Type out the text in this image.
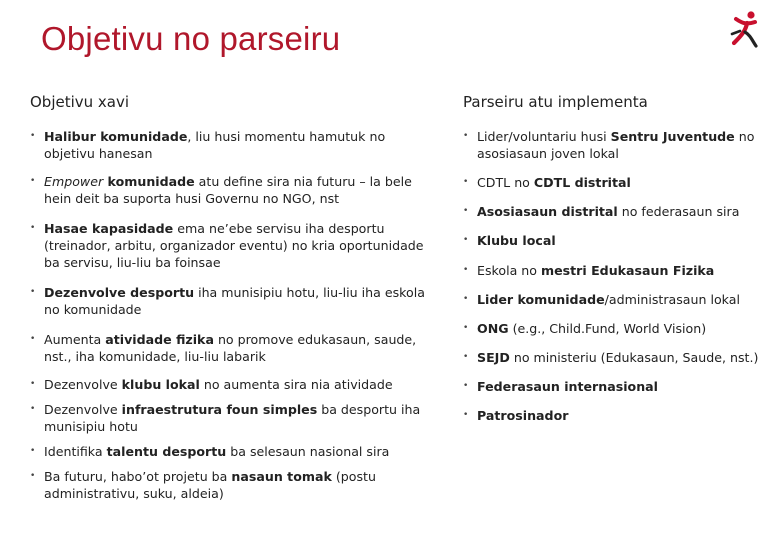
Objetivu no parseiru
Objetivu xavi	Parseiru atu implementa
• Halibur komunidade, liu husi momentu hamutuk no objetivu hanesan
• Empower komunidade atu define sira nia futuru – la bele hein deit ba suporta husi Governu no NGO, nst
• Hasae kapasidade ema ne’ebe servisu iha desportu (treinador, arbitu, organizador eventu) no kria oportunidade ba servisu, liu-liu ba foinsae
• Dezenvolve desportu iha munisipiu hotu, liu-liu iha eskola no komunidade
• Aumenta atividade fizika no promove edukasaun, saude, nst., iha komunidade, liu-liu labarik
• Dezenvolve klubu lokal no aumenta sira nia atividade
• Dezenvolve infraestrutura foun simples ba desportu iha munisipiu hotu
• Identifika talentu desportu ba selesaun nasional sira
• Ba futuru, habo’ot projetu ba nasaun tomak (postu administrativu, suku, aldeia)
• Lider/voluntariu husi Sentru Juventude no asosiasaun joven lokal
• CDTL no CDTL distrital
• Asosiasaun distrital no federasaun sira
• Klubu local
• Eskola no mestri Edukasaun Fizika
• Lider komunidade/administrasaun lokal
• ONG (e.g., Child.Fund, World Vision)
• SEJD no ministeriu (Edukasaun, Saude, nst.)
• Federasaun internasional
• Patrosinador
